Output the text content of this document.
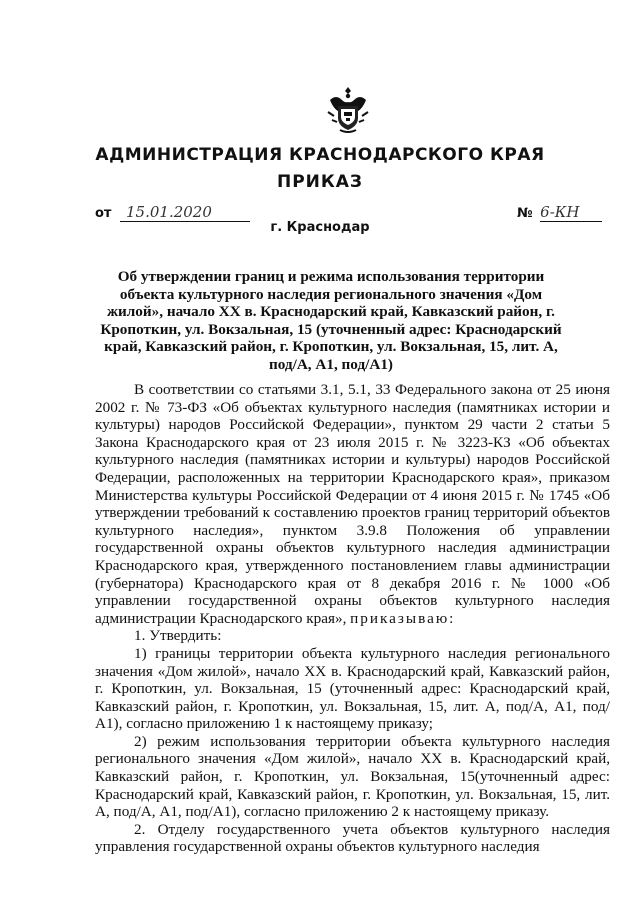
АДМИНИСТРАЦИЯ КРАСНОДАРСКОГО КРАЯ
ПРИКАЗ
от 15.01.2020	№ 6-КН
г. Краснодар
Об утверждении границ и режима использования территории объекта культурного наследия регионального значения «Дом жилой», начало XX в. Краснодарский край, Кавказский район, г. Кропоткин, ул. Вокзальная, 15 (уточненный адрес: Краснодарский край, Кавказский район, г. Кропоткин, ул. Вокзальная, 15, лит. А, под/А, А1, под/А1)

В соответствии со статьями 3.1, 5.1, 33 Федерального закона от 25 июня 2002 г. № 73-ФЗ «Об объектах культурного наследия (памятниках истории и культуры) народов Российской Федерации», пунктом 29 части 2 статьи 5 Закона Краснодарского края от 23 июля 2015 г. № 3223-КЗ «Об объектах культурного наследия (памятниках истории и культуры) народов Российской Федерации, расположенных на территории Краснодарского края», приказом Министерства культуры Российской Федерации от 4 июня 2015 г. № 1745 «Об утверждении требований к составлению проектов границ территорий объектов культурного наследия», пунктом 3.9.8 Положения об управлении государственной охраны объектов культурного наследия администрации Краснодарского края, утвержденного постановлением главы администрации (губернатора) Краснодарского края от 8 декабря 2016 г. № 1000 «Об управлении государственной охраны объектов культурного наследия администрации Краснодарского края», приказываю:

1. Утвердить:

1) границы территории объекта культурного наследия регионального значения «Дом жилой», начало XX в. Краснодарский край, Кавказский район, г. Кропоткин, ул. Вокзальная, 15 (уточненный адрес: Краснодарский край, Кавказский район, г. Кропоткин, ул. Вокзальная, 15, лит. А, под/А, А1, под/А1), согласно приложению 1 к настоящему приказу;

2) режим использования территории объекта культурного наследия регионального значения «Дом жилой», начало XX в. Краснодарский край, Кавказский район, г. Кропоткин, ул. Вокзальная, 15(уточненный адрес: Краснодарский край, Кавказский район, г. Кропоткин, ул. Вокзальная, 15, лит. А, под/А, А1, под/А1), согласно приложению 2 к настоящему приказу.

2. Отделу государственного учета объектов культурного наследия управления государственной охраны объектов культурного наследия
